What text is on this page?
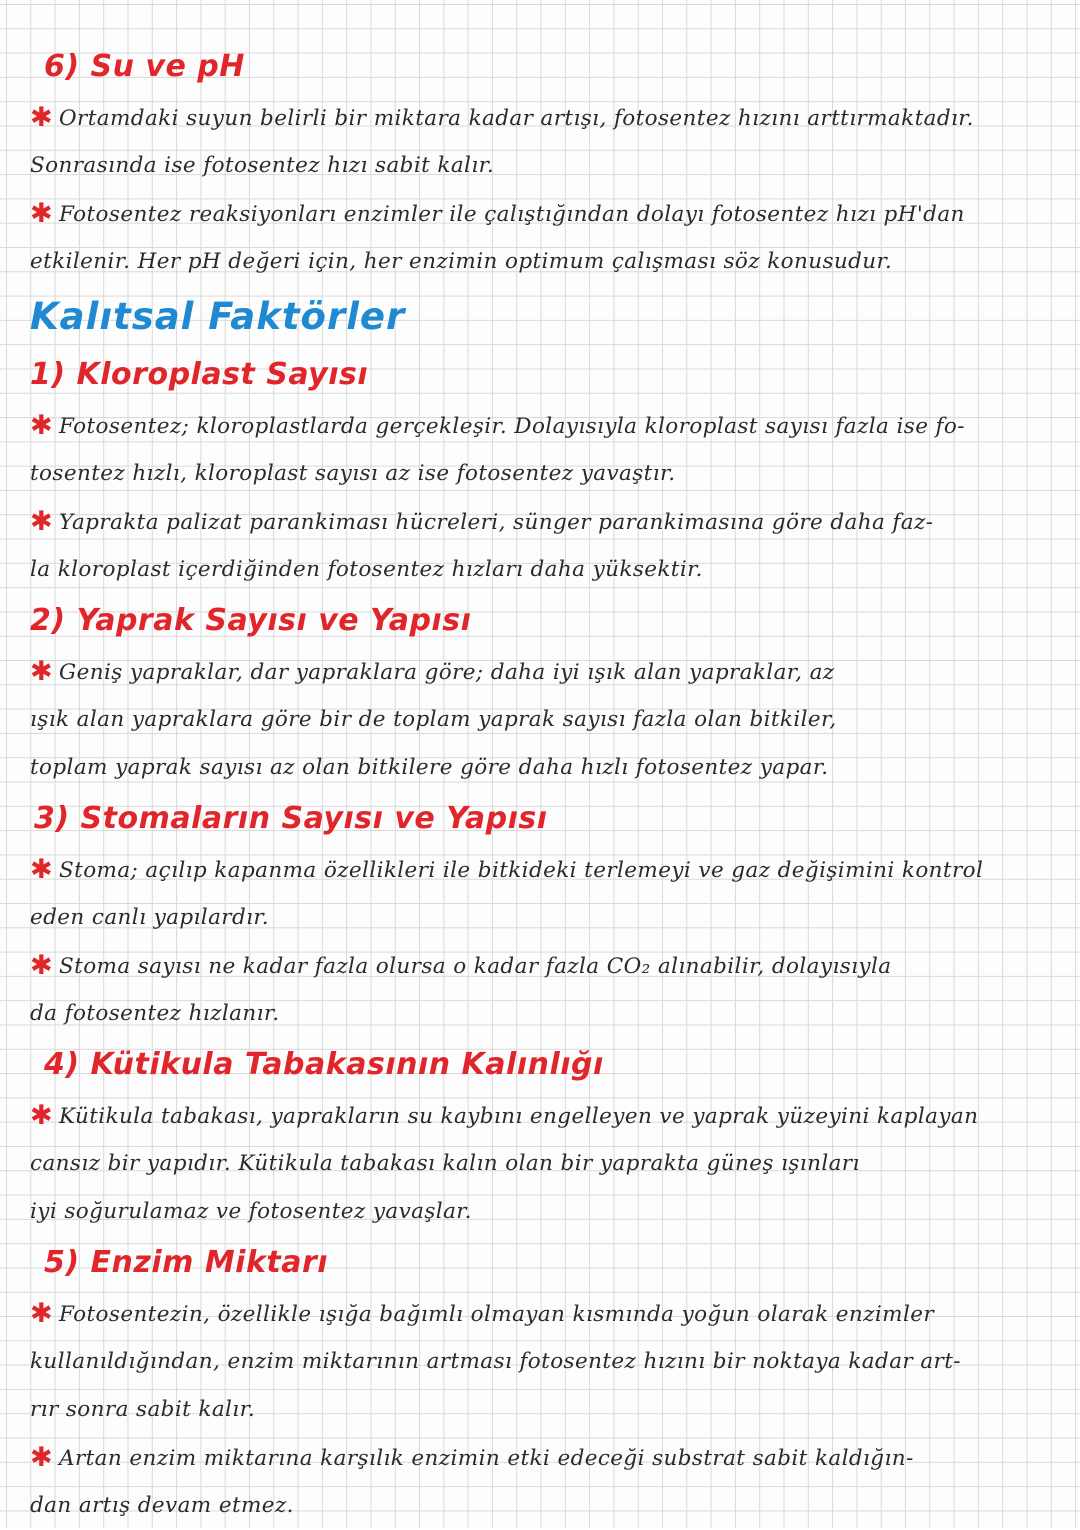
6) Su ve pH
✱ Ortamdaki suyun belirli bir miktara kadar artışı, fotosentez hızını arttırmaktadır.
Sonrasında ise fotosentez hızı sabit kalır.
✱ Fotosentez reaksiyonları enzimler ile çalıştığından dolayı fotosentez hızı pH'dan
etkilenir. Her pH değeri için, her enzimin optimum çalışması söz konusudur.
Kalıtsal Faktörler
1) Kloroplast Sayısı
✱ Fotosentez; kloroplastlarda gerçekleşir. Dolayısıyla kloroplast sayısı fazla ise fo-
tosentez hızlı, kloroplast sayısı az ise fotosentez yavaştır.
✱ Yaprakta palizat parankiması hücreleri, sünger parankimasına göre daha faz-
la kloroplast içerdiğinden fotosentez hızları daha yüksektir.
2) Yaprak Sayısı ve Yapısı
✱ Geniş yapraklar, dar yapraklara göre; daha iyi ışık alan yapraklar, az
ışık alan yapraklara göre bir de toplam yaprak sayısı fazla olan bitkiler,
toplam yaprak sayısı az olan bitkilere göre daha hızlı fotosentez yapar.
3) Stomaların Sayısı ve Yapısı
✱ Stoma; açılıp kapanma özellikleri ile bitkideki terlemeyi ve gaz değişimini kontrol
eden canlı yapılardır.
✱ Stoma sayısı ne kadar fazla olursa o kadar fazla CO₂ alınabilir, dolayısıyla
da fotosentez hızlanır.
4) Kütikula Tabakasının Kalınlığı
✱ Kütikula tabakası, yaprakların su kaybını engelleyen ve yaprak yüzeyini kaplayan
cansız bir yapıdır. Kütikula tabakası kalın olan bir yaprakta güneş ışınları
iyi soğurulamaz ve fotosentez yavaşlar.
5) Enzim Miktarı
✱ Fotosentezin, özellikle ışığa bağımlı olmayan kısmında yoğun olarak enzimler
kullanıldığından, enzim miktarının artması fotosentez hızını bir noktaya kadar art-
rır sonra sabit kalır.
✱ Artan enzim miktarına karşılık enzimin etki edeceği substrat sabit kaldığın-
dan artış devam etmez.
